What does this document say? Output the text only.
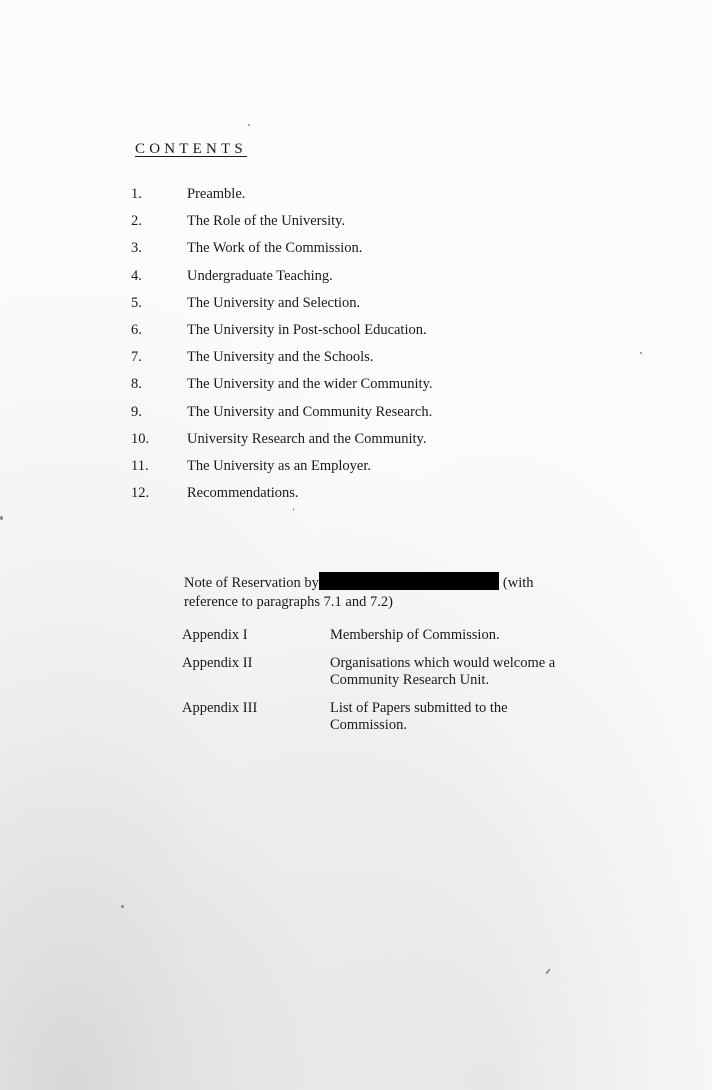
CONTENTS
1.	Preamble.
2.	The Role of the University.
3.	The Work of the Commission.
4.	Undergraduate Teaching.
5.	The University and Selection.
6.	The University in Post-school Education.
7.	The University and the Schools.
8.	The University and the wider Community.
9.	The University and Community Research.
10.	University Research and the Community.
11.	The University as an Employer.
12.	Recommendations.
Note of Reservation by	(with
reference to paragraphs 7.1 and 7.2)
Appendix I	Membership of Commission.
Appendix II	Organisations which would welcome a Community Research Unit.
Appendix III	List of Papers submitted to the Commission.
